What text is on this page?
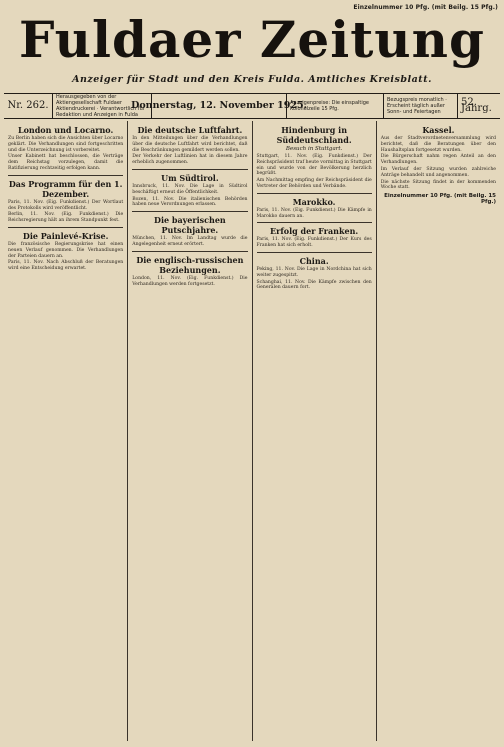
Einzelnummer 10 Pfg. (mit Beilg. 15 Pfg.)
Fuldaer Zeitung
Anzeiger für Stadt und den Kreis Fulda. Amtliches Kreisblatt.
Nr. 262.
Herausgegeben von der Aktiengesellschaft Fuldaer Aktiendruckerei · Verantwortlich für Redaktion und Anzeigen in Fulda
Donnerstag, 12. November 1925.
Anzeigenpreise: Die einspaltige Kolonelzeile 15 Pfg.
Bezugspreis monatlich · Erscheint täglich außer Sonn- und Feiertagen
52. Jahrg.
London und Locarno.

Zu Berlin haben sich die Ansichten über Locarno geklärt. Die Verhandlungen sind fortgeschritten und die Unterzeichnung ist vorbereitet.

Unser Kabinett hat beschlossen, die Verträge dem Reichstag vorzulegen, damit die Ratifizierung rechtzeitig erfolgen kann.

Das Programm für den 1. Dezember.

Paris, 11. Nov. (Eig. Funkdienst.) Der Wortlaut des Protokolls wird veröffentlicht.

Berlin, 11. Nov. (Eig. Funkdienst.) Die Reichsregierung hält an ihrem Standpunkt fest.

Die Painlevé-Krise.

Die französische Regierungskrise hat einen neuen Verlauf genommen. Die Verhandlungen der Parteien dauern an.

Paris, 11. Nov. Nach Abschluß der Beratungen wird eine Entscheidung erwartet.

Die deutsche Luftfahrt.

In den Mitteilungen über die Verhandlungen über die deutsche Luftfahrt wird berichtet, daß die Beschränkungen gemildert werden sollen.

Der Verkehr der Luftlinien hat in diesem Jahre erheblich zugenommen.

Um Südtirol.

Innsbruck, 11. Nov. Die Lage in Südtirol beschäftigt erneut die Öffentlichkeit.

Bozen, 11. Nov. Die italienischen Behörden haben neue Verordnungen erlassen.

Die bayerischen Putschjahre.

München, 11. Nov. Im Landtag wurde die Angelegenheit erneut erörtert.

Die englisch-russischen Beziehungen.

London, 11. Nov. (Eig. Funkdienst.) Die Verhandlungen werden fortgesetzt.

Hindenburg in Süddeutschland.
Besuch in Stuttgart.

Stuttgart, 11. Nov. (Eig. Funkdienst.) Der Reichspräsident traf heute vormittag in Stuttgart ein und wurde von der Bevölkerung herzlich begrüßt.

Am Nachmittag empfing der Reichspräsident die Vertreter der Behörden und Verbände.

Marokko.

Paris, 11. Nov. (Eig. Funkdienst.) Die Kämpfe in Marokko dauern an.

Erfolg der Franken.

Paris, 11. Nov. (Eig. Funkdienst.) Der Kurs des Franken hat sich erholt.

China.

Peking, 11. Nov. Die Lage in Nordchina hat sich weiter zugespitzt.

Schanghai, 11. Nov. Die Kämpfe zwischen den Generälen dauern fort.

Kassel.

Aus der Stadtverordnetenversammlung wird berichtet, daß die Beratungen über den Haushaltsplan fortgesetzt wurden.

Die Bürgerschaft nahm regen Anteil an den Verhandlungen.

Im Verlauf der Sitzung wurden zahlreiche Anträge behandelt und angenommen.

Die nächste Sitzung findet in der kommenden Woche statt.

Einzelnummer 10 Pfg. (mit Beilg. 15 Pfg.)
